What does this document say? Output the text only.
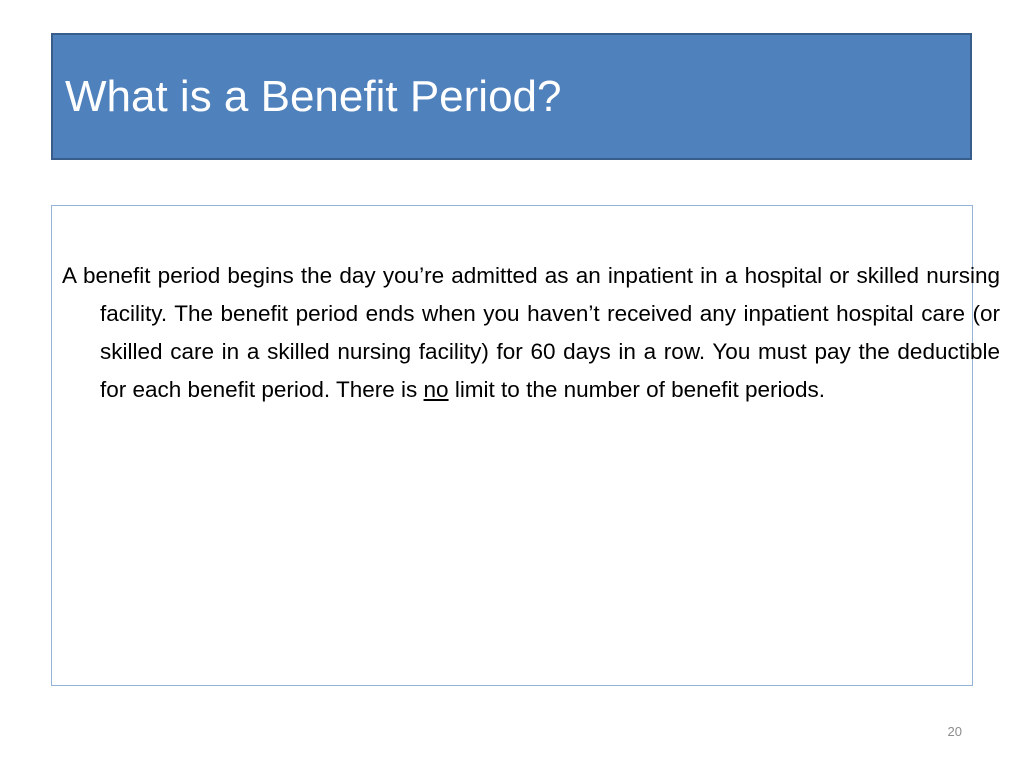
What is a Benefit Period?

A benefit period begins the day you’re admitted as an inpatient in a hospital or skilled nursing facility. The benefit period ends when you haven’t received any inpatient hospital care (or skilled care in a skilled nursing facility) for 60 days in a row. You must pay the deductible for each benefit period. There is no limit to the number of benefit periods.

20
